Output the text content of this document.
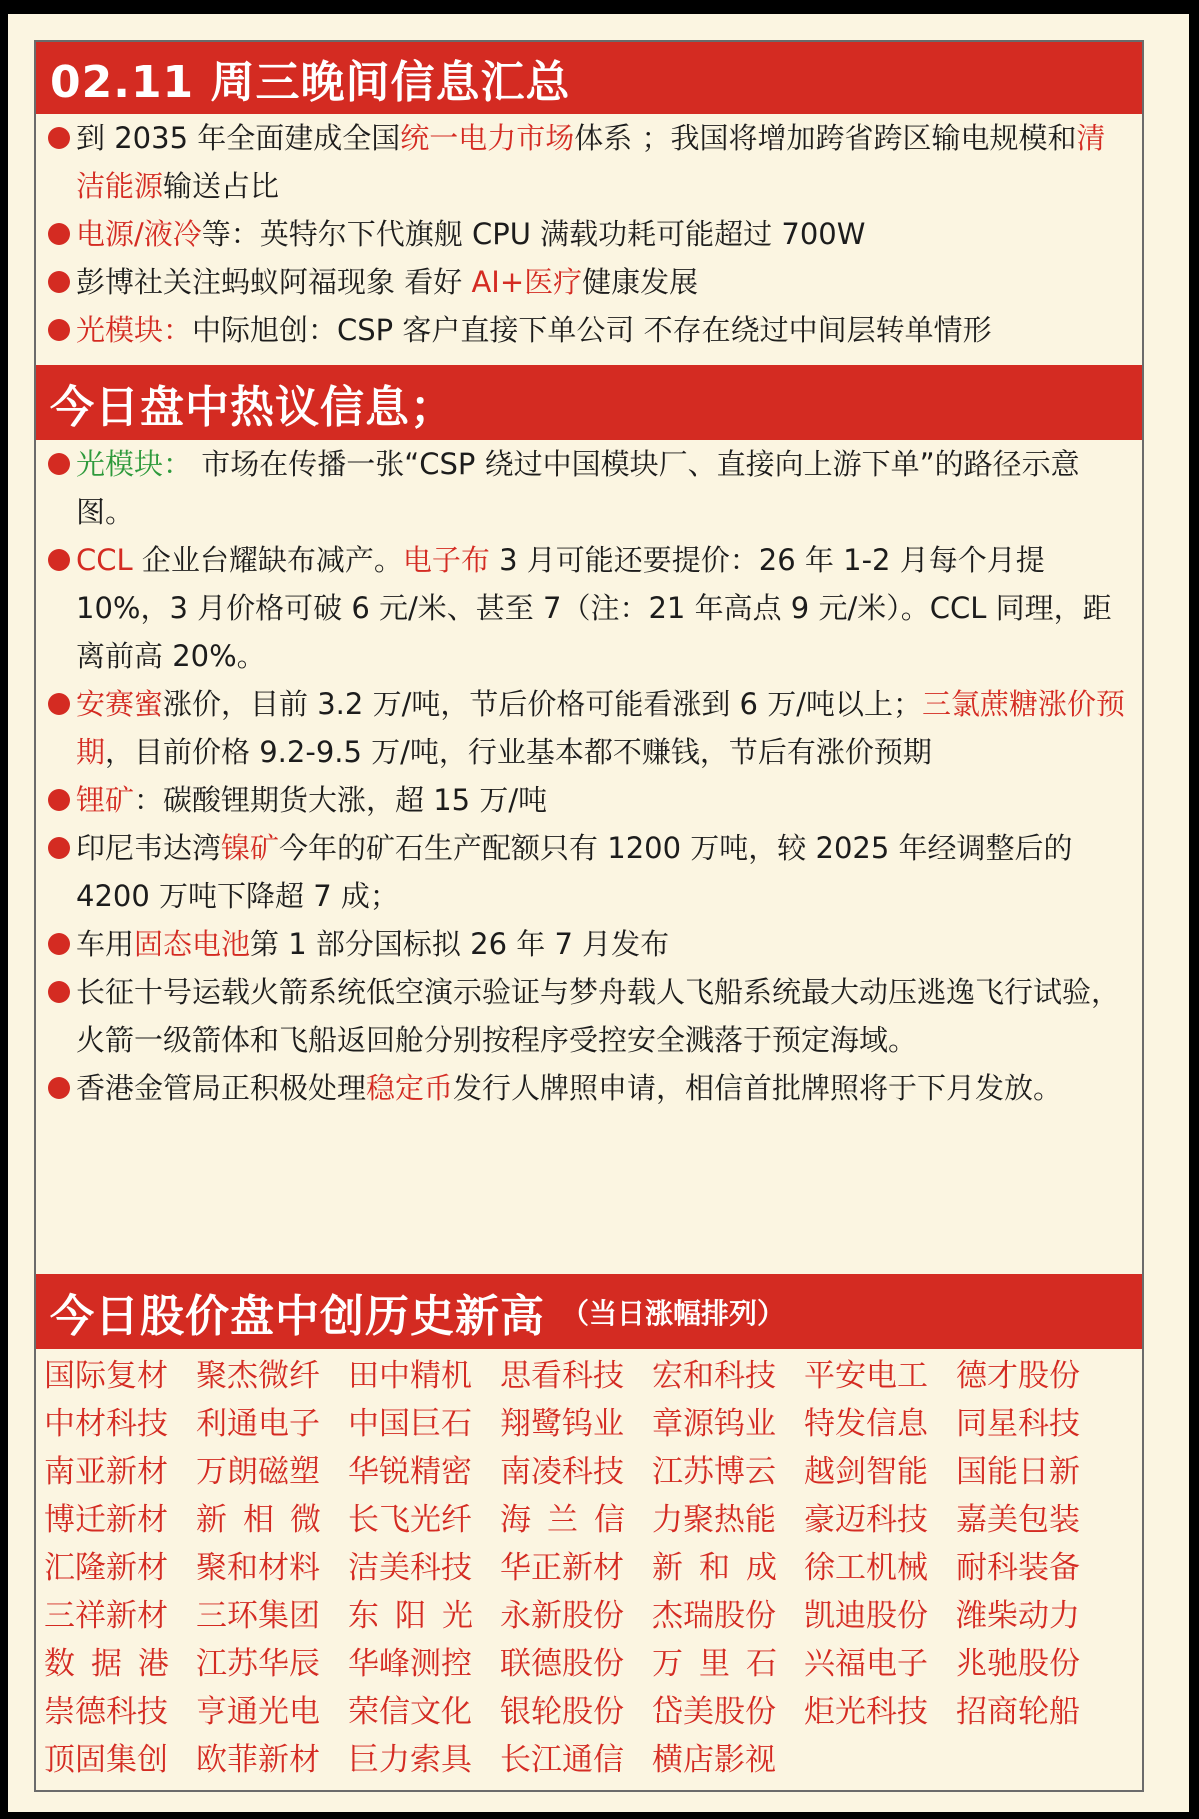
02.11 周三晚间信息汇总
到 2035 年全面建成全国统一电力市场体系 ；我国将增加跨省跨区输电规模和清洁能源输送占比
电源/液冷等：英特尔下代旗舰 CPU 满载功耗可能超过 700W
彭博社关注蚂蚁阿福现象 看好 AI+医疗健康发展
光模块：中际旭创：CSP 客户直接下单公司 不存在绕过中间层转单情形
今日盘中热议信息；
光模块： 市场在传播一张“CSP 绕过中国模块厂、直接向上游下单”的路径示意图。
CCL 企业台耀缺布减产。电子布 3 月可能还要提价：26 年 1-2 月每个月提 10%，3 月价格可破 6 元/米、甚至 7（注：21 年高点 9 元/米）。CCL 同理，距离前高 20%。
安赛蜜涨价，目前 3.2 万/吨，节后价格可能看涨到 6 万/吨以上；三氯蔗糖涨价预期，目前价格 9.2-9.5 万/吨，行业基本都不赚钱，节后有涨价预期
锂矿：碳酸锂期货大涨，超 15 万/吨
印尼韦达湾镍矿今年的矿石生产配额只有 1200 万吨，较 2025 年经调整后的 4200 万吨下降超 7 成；
车用固态电池第 1 部分国标拟 26 年 7 月发布
长征十号运载火箭系统低空演示验证与梦舟载人飞船系统最大动压逃逸飞行试验，火箭一级箭体和飞船返回舱分别按程序受控安全溅落于预定海域。
香港金管局正积极处理稳定币发行人牌照申请，相信首批牌照将于下月发放。
今日股价盘中创历史新高 （当日涨幅排列）
国际复材 聚杰微纤 田中精机 思看科技 宏和科技 平安电工 德才股份
中材科技 利通电子 中国巨石 翔鹭钨业 章源钨业 特发信息 同星科技
南亚新材 万朗磁塑 华锐精密 南凌科技 江苏博云 越剑智能 国能日新
博迁新材 新相微 长飞光纤 海兰信 力聚热能 豪迈科技 嘉美包装
汇隆新材 聚和材料 洁美科技 华正新材 新和成 徐工机械 耐科装备
三祥新材 三环集团 东阳光 永新股份 杰瑞股份 凯迪股份 潍柴动力
数据港 江苏华辰 华峰测控 联德股份 万里石 兴福电子 兆驰股份
崇德科技 亨通光电 荣信文化 银轮股份 岱美股份 炬光科技 招商轮船
顶固集创 欧菲新材 巨力索具 长江通信 横店影视
